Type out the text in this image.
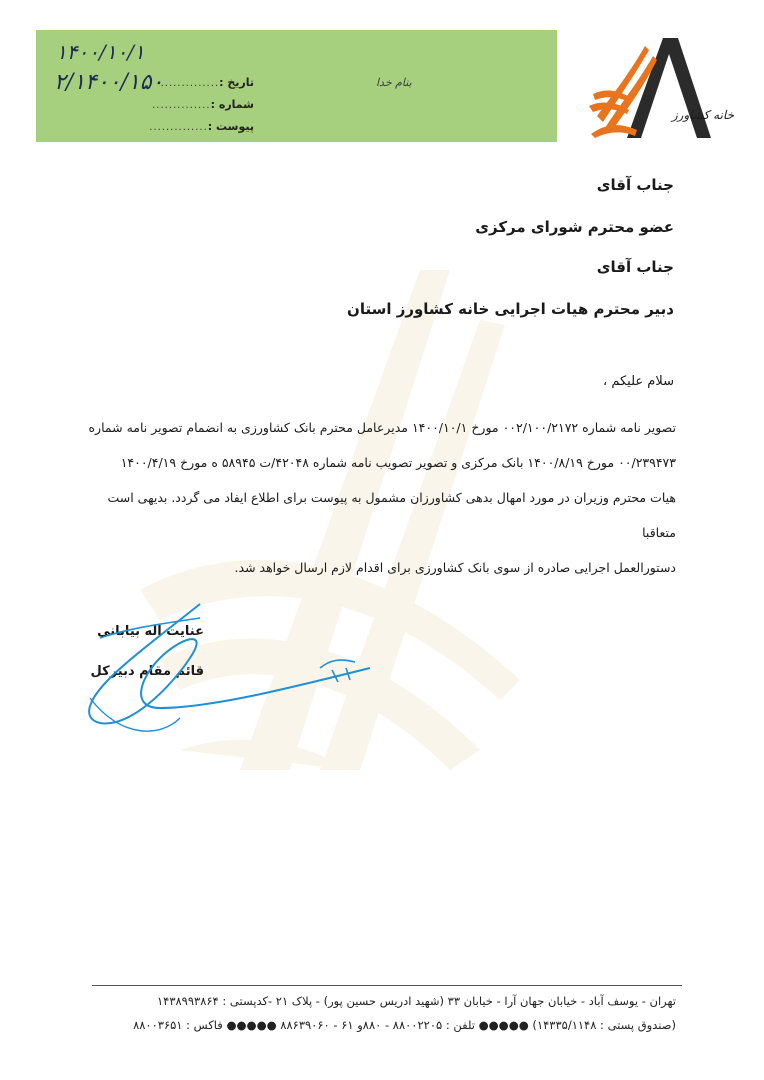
بنام خدا
تاریخ :
..............
شماره :
..............
پیوست :
..............
۱۴۰۰/۱۰/۱
۲/۱۴۰۰/۱۵۰
خانه کشاورز
جناب آقای
عضو محترم شورای مرکزی
جناب آقای
دبیر محترم هیات اجرایی خانه کشاورز استان
سلام علیکم ،

تصویر نامه شماره ۰۰۲/۱۰۰/۲۱۷۲ مورخ ۱۴۰۰/۱۰/۱ مدیرعامل محترم بانک کشاورزی به انضمام تصویر نامه شماره

۰۰/۲۳۹۴۷۳ مورخ ۱۴۰۰/۸/۱۹ بانک مرکزی و تصویر تصویب نامه شماره ۴۲۰۴۸/ت ۵۸۹۴۵ ه مورخ ۱۴۰۰/۴/۱۹

هیات محترم وزیران در مورد امهال بدهی کشاورزان مشمول به پیوست برای اطلاع ایفاد می گردد. بدیهی است متعاقبا

دستورالعمل اجرایی صادره از سوی بانک کشاورزی برای اقدام لازم ارسال خواهد شد.

عنایت اله بیابانی
قائم مقام دبیرکل
تهران - یوسف آباد - خیابان جهان آرا - خیابان ۳۳ (شهید ادریس حسین پور) - پلاک ۲۱ -کدپستی : ۱۴۳۸۹۹۳۸۶۴
(صندوق پستی : ۱۴۳۳۵/۱۱۴۸) ●●●●● تلفن : ۸۸۰۰۲۲۰۵ - ۸۸۰و ۶۱ - ۸۸۶۳۹۰۶۰ ●●●●● فاکس : ۸۸۰۰۳۶۵۱
